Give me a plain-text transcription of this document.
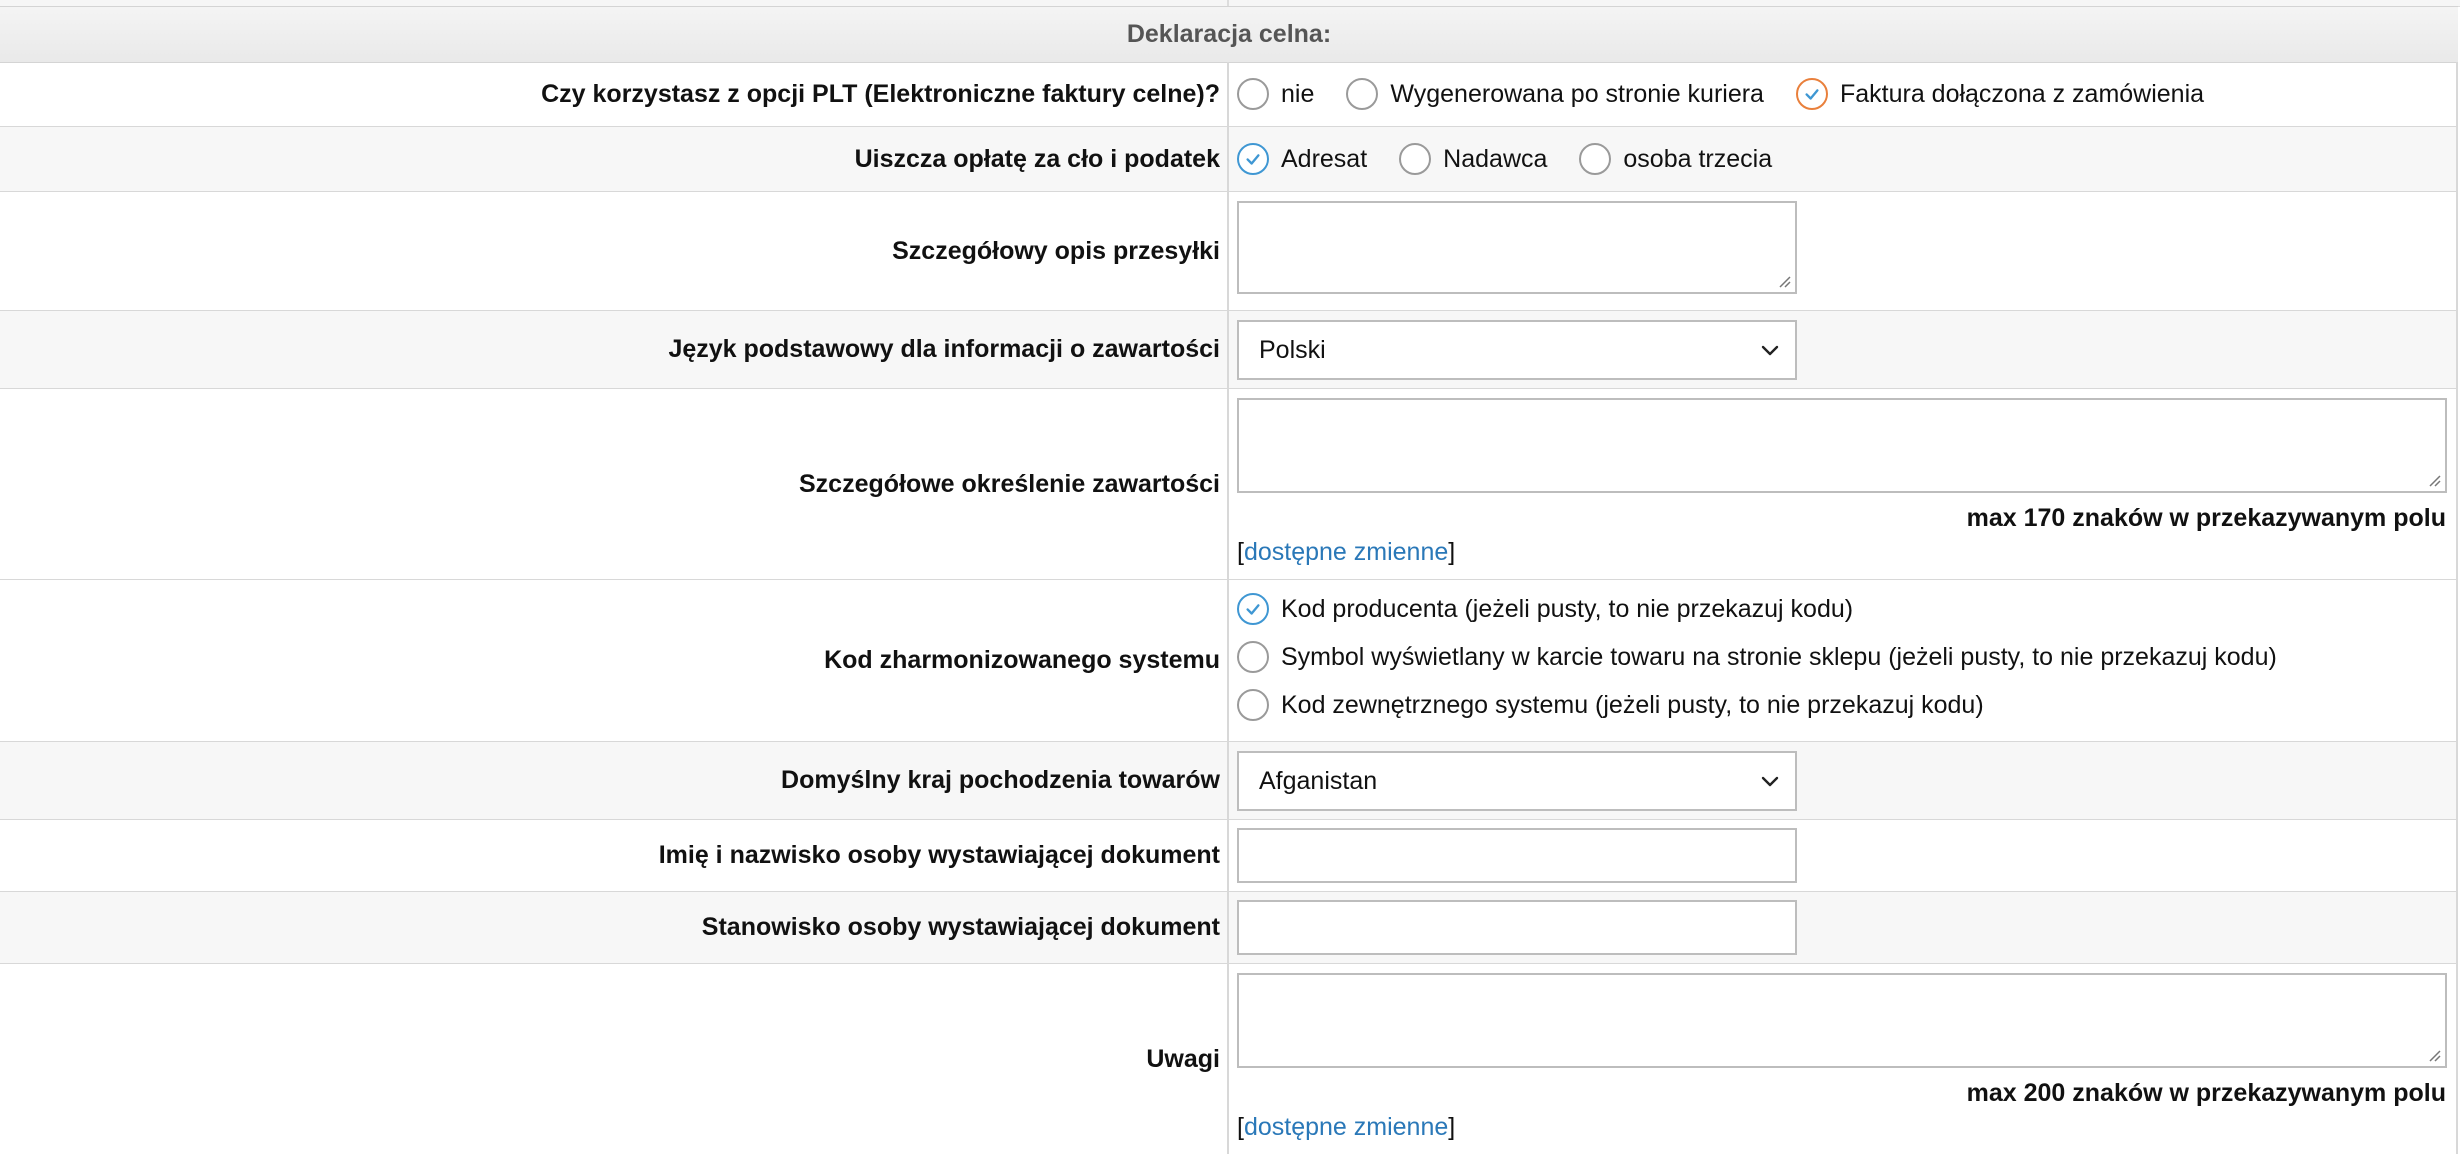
Deklaracja celna:
Czy korzystasz z opcji PLT (Elektroniczne faktury celne)? nie	Wygenerowana po stronie kuriera	Faktura dołączona z zamówienia
Uiszcza opłatę za cło i podatek Adresat	Nadawca	osoba trzecia
Szczegółowy opis przesyłki
Język podstawowy dla informacji o zawartości Polski
Szczegółowe określenie zawartości
max 170 znaków w przekazywanym polu
[dostępne zmienne]
Kod zharmonizowanego systemu
Kod producenta (jeżeli pusty, to nie przekazuj kodu)
Symbol wyświetlany w karcie towaru na stronie sklepu (jeżeli pusty, to nie przekazuj kodu)
Kod zewnętrznego systemu (jeżeli pusty, to nie przekazuj kodu)
Domyślny kraj pochodzenia towarów Afganistan
Imię i nazwisko osoby wystawiającej dokument
Stanowisko osoby wystawiającej dokument
Uwagi
max 200 znaków w przekazywanym polu
[dostępne zmienne]
